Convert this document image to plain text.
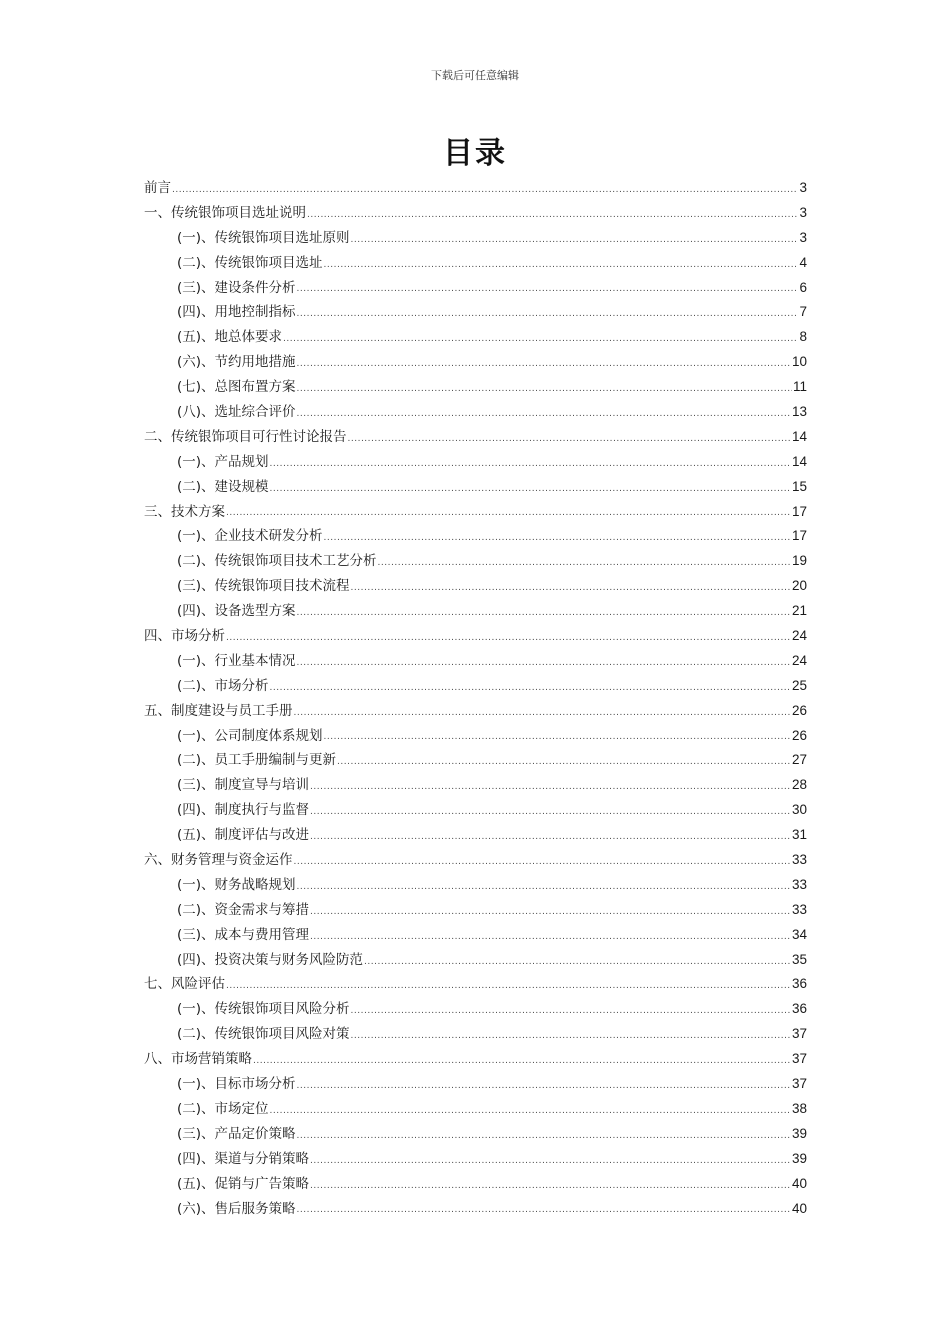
下载后可任意编辑
目录
前言 .....	3
一、传统银饰项目选址说明 .....	3
(一)、传统银饰项目选址原则 .....	3
(二)、传统银饰项目选址 .....	4
(三)、建设条件分析 .....	6
(四)、用地控制指标 .....	7
(五)、地总体要求 .....	8
(六)、节约用地措施 .....	10
(七)、总图布置方案 .....	11
(八)、选址综合评价 .....	13
二、传统银饰项目可行性讨论报告 .....	14
(一)、产品规划 .....	14
(二)、建设规模 .....	15
三、技术方案 .....	17
(一)、企业技术研发分析 .....	17
(二)、传统银饰项目技术工艺分析 .....	19
(三)、传统银饰项目技术流程 .....	20
(四)、设备选型方案 .....	21
四、市场分析 .....	24
(一)、行业基本情况 .....	24
(二)、市场分析 .....	25
五、制度建设与员工手册 .....	26
(一)、公司制度体系规划 .....	26
(二)、员工手册编制与更新 .....	27
(三)、制度宣导与培训 .....	28
(四)、制度执行与监督 .....	30
(五)、制度评估与改进 .....	31
六、财务管理与资金运作 .....	33
(一)、财务战略规划 .....	33
(二)、资金需求与筹措 .....	33
(三)、成本与费用管理 .....	34
(四)、投资决策与财务风险防范 .....	35
七、风险评估 .....	36
(一)、传统银饰项目风险分析 .....	36
(二)、传统银饰项目风险对策 .....	37
八、市场营销策略 .....	37
(一)、目标市场分析 .....	37
(二)、市场定位 .....	38
(三)、产品定价策略 .....	39
(四)、渠道与分销策略 .....	39
(五)、促销与广告策略 .....	40
(六)、售后服务策略 .....	40
